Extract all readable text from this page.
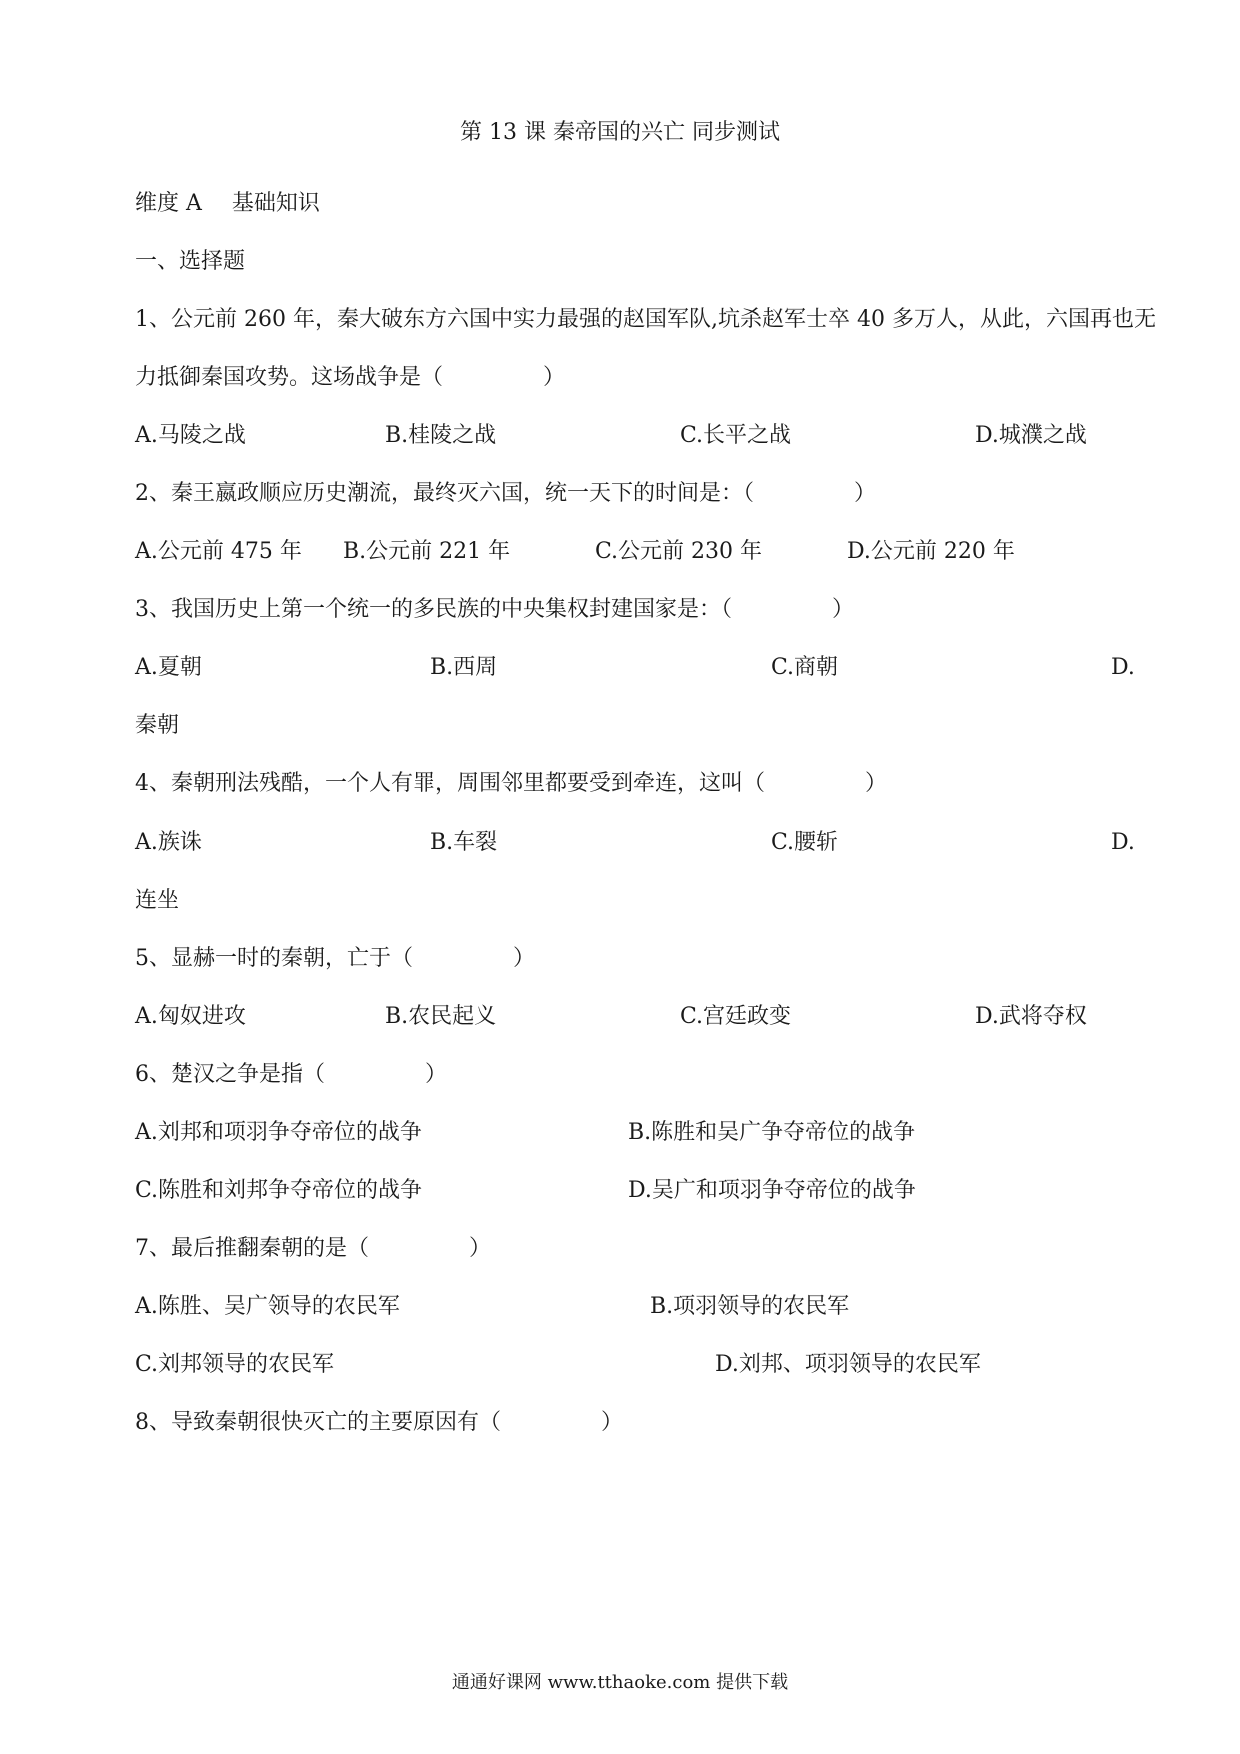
第 13 课 秦帝国的兴亡 同步测试
维度 A 基础知识
一、选择题
1、公元前 260 年，秦大破东方六国中实力最强的赵国军队,坑杀赵军士卒 40 多万人，从此，六国再也无
力抵御秦国攻势。这场战争是（	）
A.马陵之战	B.桂陵之战	C.长平之战	D.城濮之战
2、秦王嬴政顺应历史潮流，最终灭六国，统一天下的时间是：（	）
A.公元前 475 年 B.公元前 221 年	C.公元前 230 年	D.公元前 220 年
3、我国历史上第一个统一的多民族的中央集权封建国家是：（	）
A.夏朝	B.西周	C.商朝	D.
秦朝
4、秦朝刑法残酷，一个人有罪，周围邻里都要受到牵连，这叫（	）
A.族诛	B.车裂	C.腰斩	D.
连坐
5、显赫一时的秦朝，亡于（	）
A.匈奴进攻	B.农民起义	C.宫廷政变	D.武将夺权
6、楚汉之争是指（	）
A.刘邦和项羽争夺帝位的战争	B.陈胜和吴广争夺帝位的战争
C.陈胜和刘邦争夺帝位的战争	D.吴广和项羽争夺帝位的战争
7、最后推翻秦朝的是（	）
A.陈胜、吴广领导的农民军	B.项羽领导的农民军
C.刘邦领导的农民军	D.刘邦、项羽领导的农民军
8、导致秦朝很快灭亡的主要原因有（	）
通通好课网 www.tthaoke.com 提供下载
